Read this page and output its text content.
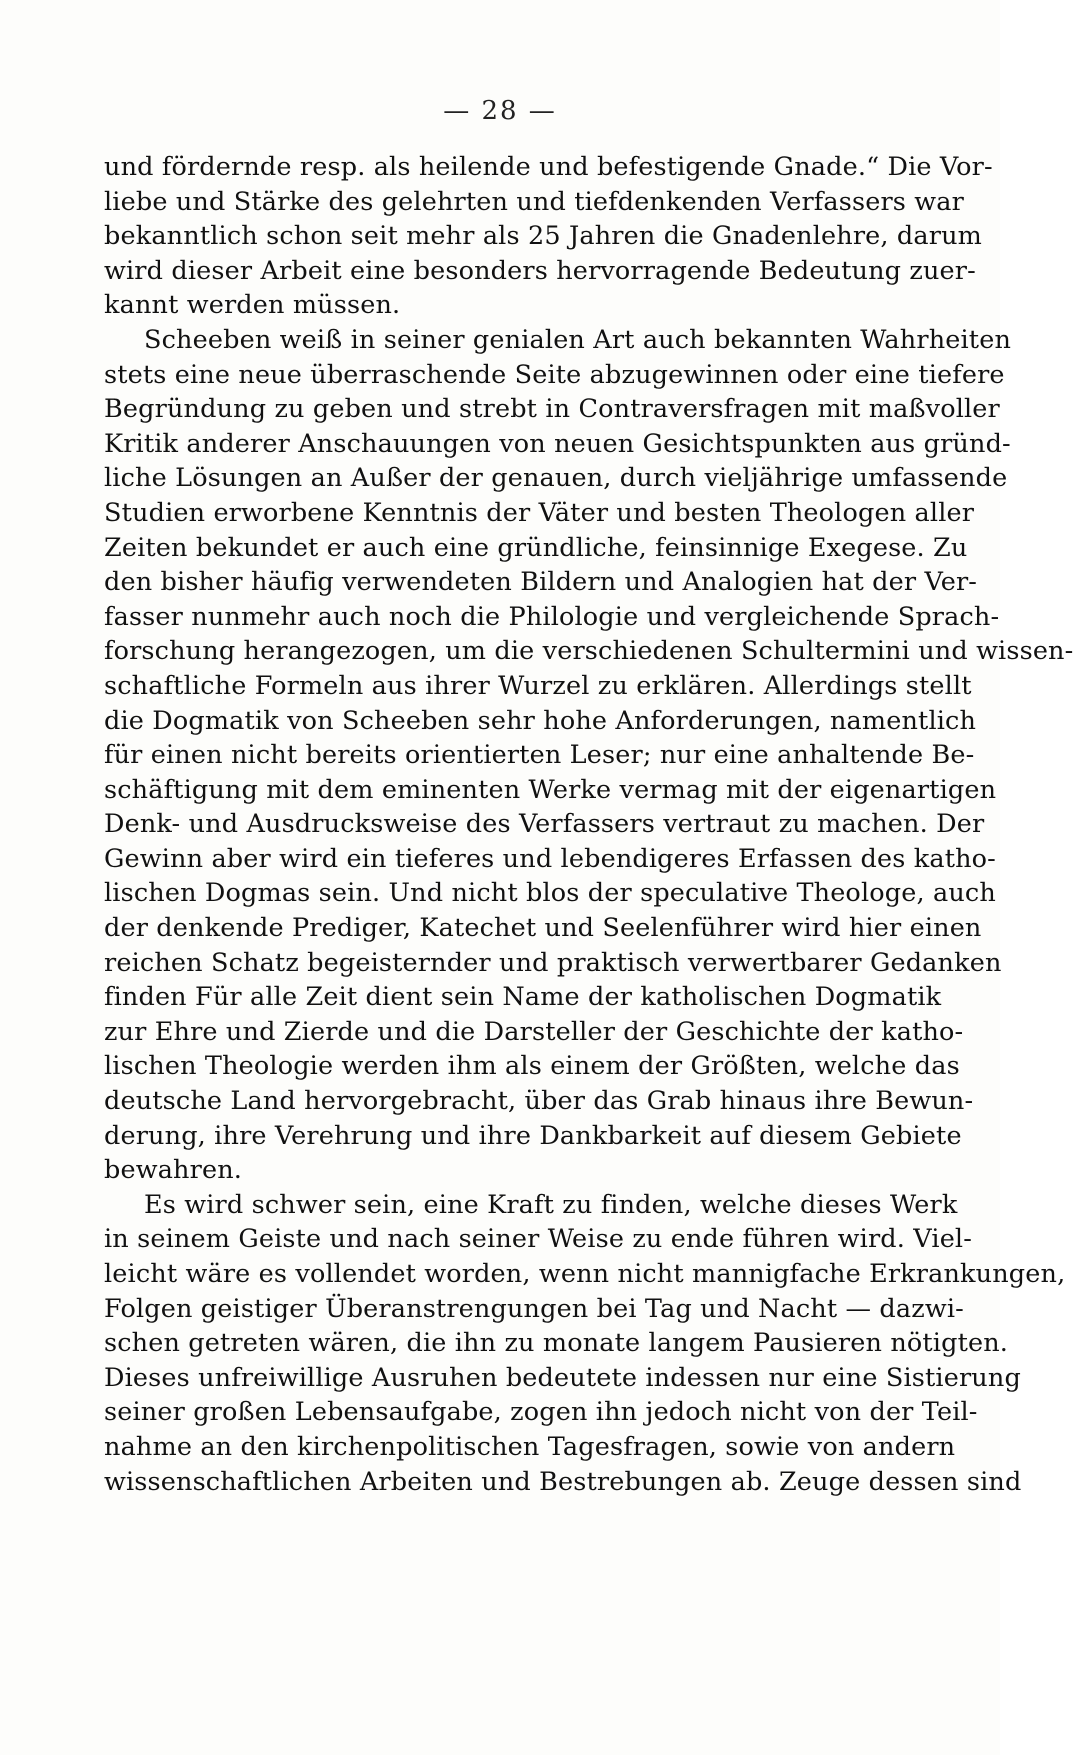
— 28 —
und fördernde resp. als heilende und befestigende Gnade.“ Die Vor-
liebe und Stärke des gelehrten und tiefdenkenden Verfassers war
bekanntlich schon seit mehr als 25 Jahren die Gnadenlehre, darum
wird dieser Arbeit eine besonders hervorragende Bedeutung zuer-
kannt werden müssen.
Scheeben weiß in seiner genialen Art auch bekannten Wahrheiten
stets eine neue überraschende Seite abzugewinnen oder eine tiefere
Begründung zu geben und strebt in Contraversfragen mit maßvoller
Kritik anderer Anschauungen von neuen Gesichtspunkten aus gründ-
liche Lösungen an Außer der genauen, durch vieljährige umfassende
Studien erworbene Kenntnis der Väter und besten Theologen aller
Zeiten bekundet er auch eine gründliche, feinsinnige Exegese. Zu
den bisher häufig verwendeten Bildern und Analogien hat der Ver-
fasser nunmehr auch noch die Philologie und vergleichende Sprach-
forschung herangezogen, um die verschiedenen Schultermini und wissen-
schaftliche Formeln aus ihrer Wurzel zu erklären. Allerdings stellt
die Dogmatik von Scheeben sehr hohe Anforderungen, namentlich
für einen nicht bereits orientierten Leser; nur eine anhaltende Be-
schäftigung mit dem eminenten Werke vermag mit der eigenartigen
Denk- und Ausdrucksweise des Verfassers vertraut zu machen. Der
Gewinn aber wird ein tieferes und lebendigeres Erfassen des katho-
lischen Dogmas sein. Und nicht blos der speculative Theologe, auch
der denkende Prediger, Katechet und Seelenführer wird hier einen
reichen Schatz begeisternder und praktisch verwertbarer Gedanken
finden Für alle Zeit dient sein Name der katholischen Dogmatik
zur Ehre und Zierde und die Darsteller der Geschichte der katho-
lischen Theologie werden ihm als einem der Größten, welche das
deutsche Land hervorgebracht, über das Grab hinaus ihre Bewun-
derung, ihre Verehrung und ihre Dankbarkeit auf diesem Gebiete
bewahren.
Es wird schwer sein, eine Kraft zu finden, welche dieses Werk
in seinem Geiste und nach seiner Weise zu ende führen wird. Viel-
leicht wäre es vollendet worden, wenn nicht mannigfache Erkrankungen,
Folgen geistiger Überanstrengungen bei Tag und Nacht — dazwi-
schen getreten wären, die ihn zu monate langem Pausieren nötigten.
Dieses unfreiwillige Ausruhen bedeutete indessen nur eine Sistierung
seiner großen Lebensaufgabe, zogen ihn jedoch nicht von der Teil-
nahme an den kirchenpolitischen Tagesfragen, sowie von andern
wissenschaftlichen Arbeiten und Bestrebungen ab. Zeuge dessen sind
